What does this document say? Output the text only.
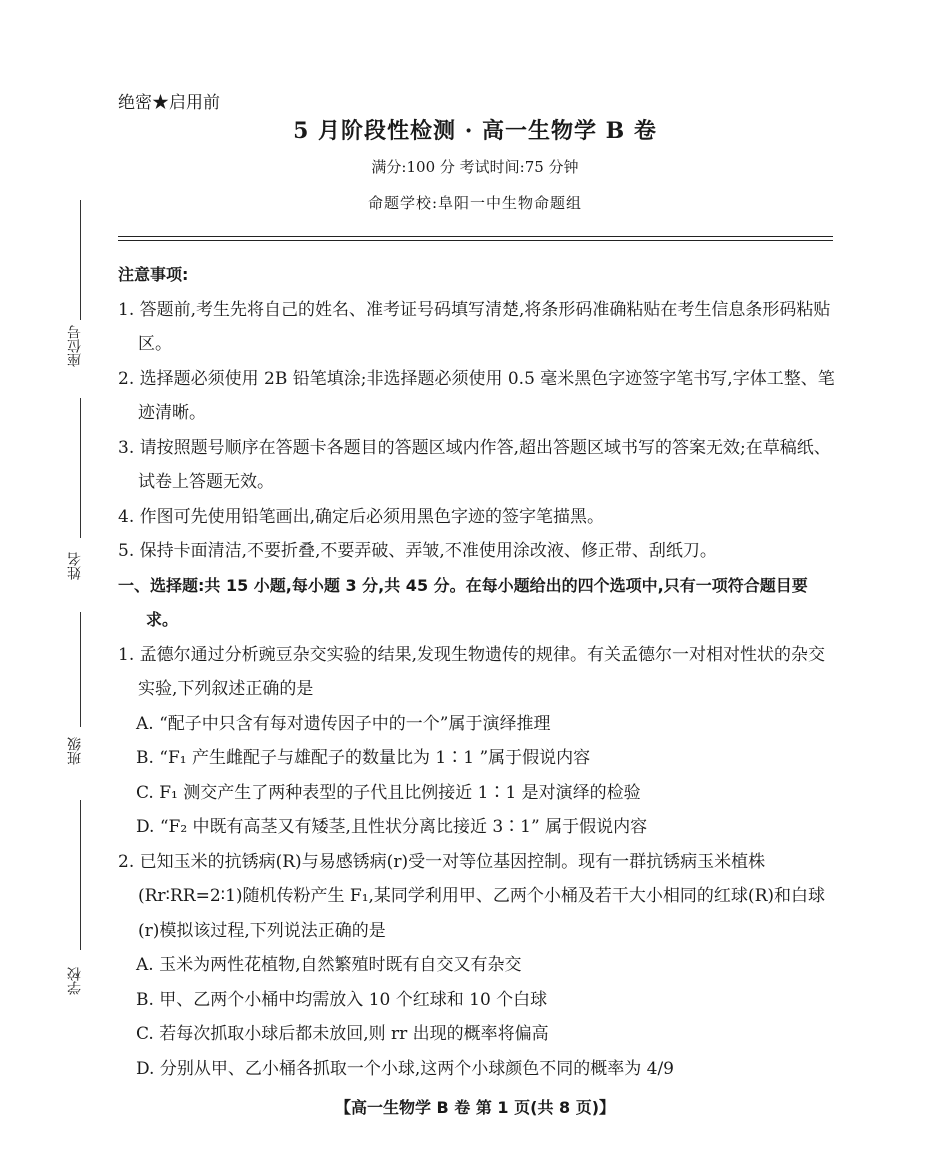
座位号
姓名
班级
学校
绝密★启用前
5 月阶段性检测 · 高一生物学 B 卷
满分:100 分 考试时间:75 分钟
命题学校:阜阳一中生物命题组
注意事项:
1. 答题前,考生先将自己的姓名、准考证号码填写清楚,将条形码准确粘贴在考生信息条形码粘贴区。
2. 选择题必须使用 2B 铅笔填涂;非选择题必须使用 0.5 毫米黑色字迹签字笔书写,字体工整、笔迹清晰。
3. 请按照题号顺序在答题卡各题目的答题区域内作答,超出答题区域书写的答案无效;在草稿纸、试卷上答题无效。
4. 作图可先使用铅笔画出,确定后必须用黑色字迹的签字笔描黑。
5. 保持卡面清洁,不要折叠,不要弄破、弄皱,不准使用涂改液、修正带、刮纸刀。
一、选择题:共 15 小题,每小题 3 分,共 45 分。在每小题给出的四个选项中,只有一项符合题目要求。
1. 孟德尔通过分析豌豆杂交实验的结果,发现生物遗传的规律。有关孟德尔一对相对性状的杂交实验,下列叙述正确的是
A. “配子中只含有每对遗传因子中的一个”属于演绎推理
B. “F₁ 产生雌配子与雄配子的数量比为 1∶1 ”属于假说内容
C. F₁ 测交产生了两种表型的子代且比例接近 1∶1 是对演绎的检验
D. “F₂ 中既有高茎又有矮茎,且性状分离比接近 3∶1” 属于假说内容
2. 已知玉米的抗锈病(R)与易感锈病(r)受一对等位基因控制。现有一群抗锈病玉米植株(Rr∶RR=2∶1)随机传粉产生 F₁,某同学利用甲、乙两个小桶及若干大小相同的红球(R)和白球(r)模拟该过程,下列说法正确的是
A. 玉米为两性花植物,自然繁殖时既有自交又有杂交
B. 甲、乙两个小桶中均需放入 10 个红球和 10 个白球
C. 若每次抓取小球后都未放回,则 rr 出现的概率将偏高
D. 分别从甲、乙小桶各抓取一个小球,这两个小球颜色不同的概率为 4/9
【高一生物学 B 卷 第 1 页(共 8 页)】
